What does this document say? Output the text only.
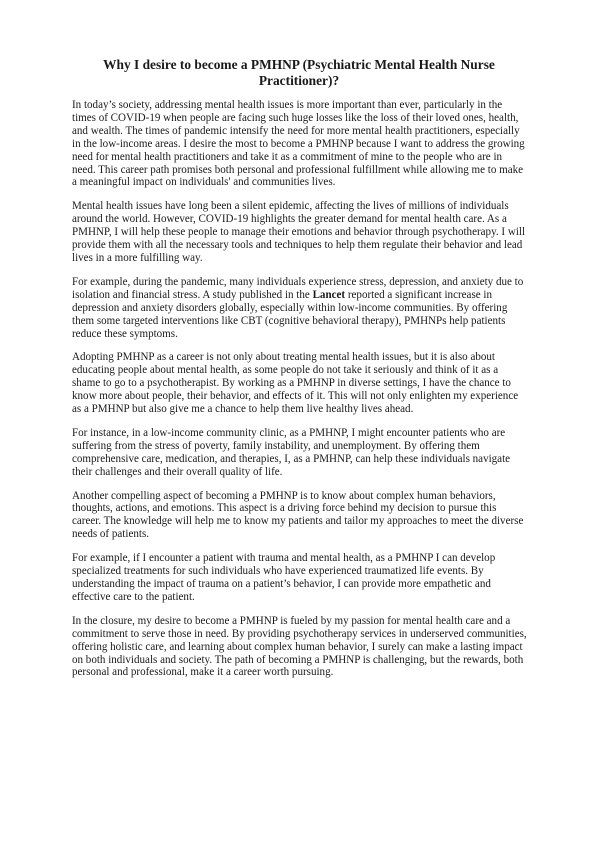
Why I desire to become a PMHNP (Psychiatric Mental Health Nurse Practitioner)?

In today’s society, addressing mental health issues is more important than ever, particularly in the times of COVID-19 when people are facing such huge losses like the loss of their loved ones, health, and wealth. The times of pandemic intensify the need for more mental health practitioners, especially in the low-income areas. I desire the most to become a PMHNP because I want to address the growing need for mental health practitioners and take it as a commitment of mine to the people who are in need. This career path promises both personal and professional fulfillment while allowing me to make a meaningful impact on individuals' and communities lives.

Mental health issues have long been a silent epidemic, affecting the lives of millions of individuals around the world. However, COVID-19 highlights the greater demand for mental health care. As a PMHNP, I will help these people to manage their emotions and behavior through psychotherapy. I will provide them with all the necessary tools and techniques to help them regulate their behavior and lead lives in a more fulfilling way.

For example, during the pandemic, many individuals experience stress, depression, and anxiety due to isolation and financial stress. A study published in the Lancet reported a significant increase in depression and anxiety disorders globally, especially within low-income communities. By offering them some targeted interventions like CBT (cognitive behavioral therapy), PMHNPs help patients reduce these symptoms.

Adopting PMHNP as a career is not only about treating mental health issues, but it is also about educating people about mental health, as some people do not take it seriously and think of it as a shame to go to a psychotherapist. By working as a PMHNP in diverse settings, I have the chance to know more about people, their behavior, and effects of it. This will not only enlighten my experience as a PMHNP but also give me a chance to help them live healthy lives ahead.

For instance, in a low-income community clinic, as a PMHNP, I might encounter patients who are suffering from the stress of poverty, family instability, and unemployment. By offering them comprehensive care, medication, and therapies, I, as a PMHNP, can help these individuals navigate their challenges and their overall quality of life.

Another compelling aspect of becoming a PMHNP is to know about complex human behaviors, thoughts, actions, and emotions. This aspect is a driving force behind my decision to pursue this career. The knowledge will help me to know my patients and tailor my approaches to meet the diverse needs of patients.

For example, if I encounter a patient with trauma and mental health, as a PMHNP I can develop specialized treatments for such individuals who have experienced traumatized life events. By understanding the impact of trauma on a patient’s behavior, I can provide more empathetic and effective care to the patient.

In the closure, my desire to become a PMHNP is fueled by my passion for mental health care and a commitment to serve those in need. By providing psychotherapy services in underserved communities, offering holistic care, and learning about complex human behavior, I surely can make a lasting impact on both individuals and society. The path of becoming a PMHNP is challenging, but the rewards, both personal and professional, make it a career worth pursuing.
